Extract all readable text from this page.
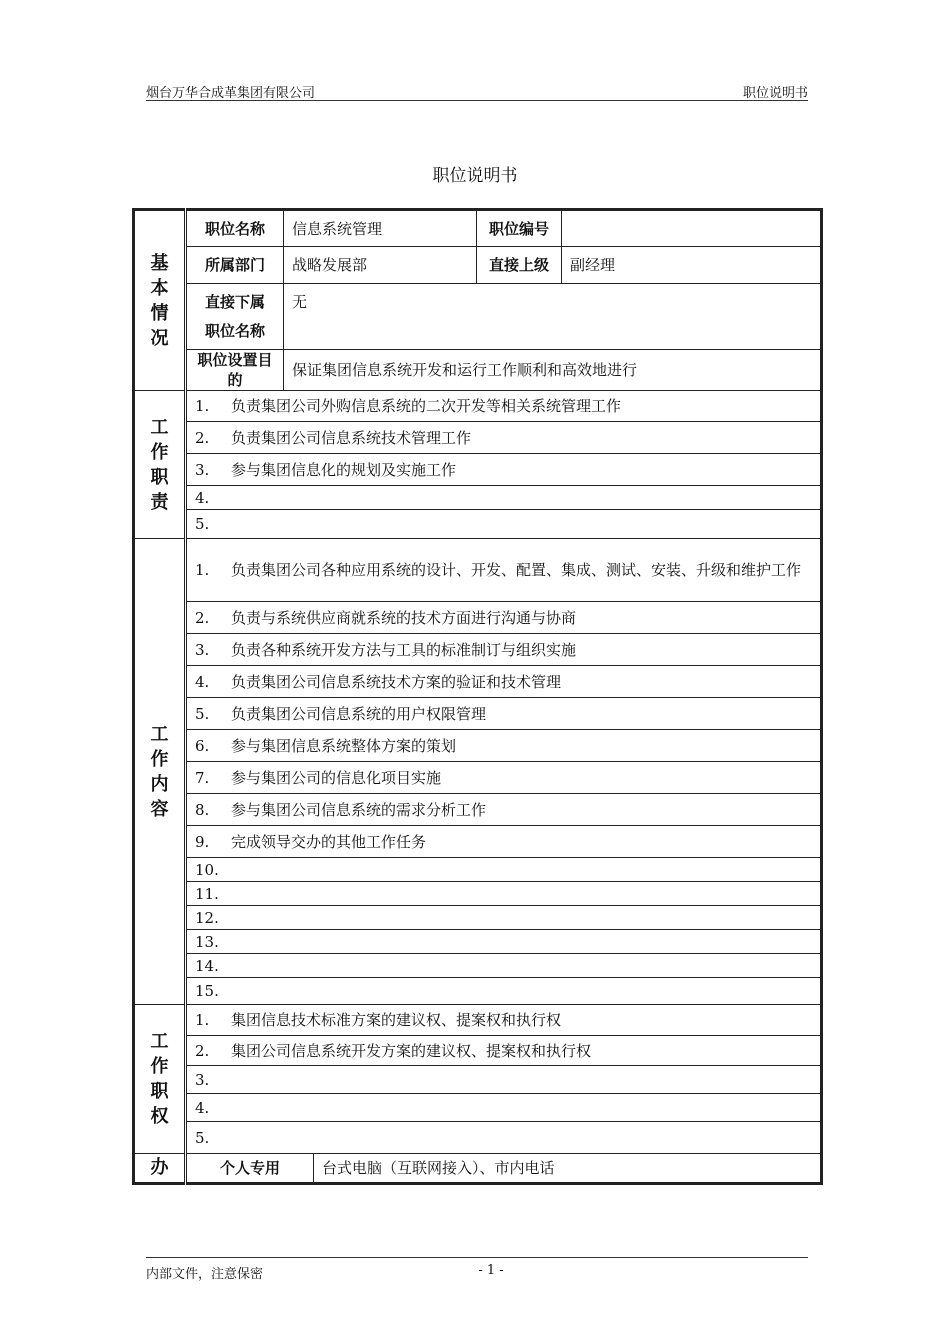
烟台万华合成革集团有限公司	职位说明书
职位说明书
基
本
情
况	职位名称	信息系统管理		职位编号	
	所属部门	战略发展部		直接上级	副经理
	直接下属
职位名称	无			
	职位设置目的	保证集团信息系统开发和运行工作顺利和高效地进行			

工
作
职
责	1. 负责集团公司外购信息系统的二次开发等相关系统管理工作				
	2. 负责集团公司信息系统技术管理工作				
	3. 参与集团信息化的规划及实施工作				
	4.				
	5.				

工
作
内
容	1. 负责集团公司各种应用系统的设计、开发、配置、集成、测试、安装、升级和维护工作				
	2. 负责与系统供应商就系统的技术方面进行沟通与协商				
	3. 负责各种系统开发方法与工具的标准制订与组织实施				
	4. 负责集团公司信息系统技术方案的验证和技术管理				
	5. 负责集团公司信息系统的用户权限管理				
	6. 参与集团信息系统整体方案的策划				
	7. 参与集团公司的信息化项目实施				
	8. 参与集团公司信息系统的需求分析工作				
	9. 完成领导交办的其他工作任务				
	10.				
	11.				
	12.				
	13.				
	14.				
	15.				

工
作
职
权	1. 集团信息技术标准方案的建议权、提案权和执行权				
	2. 集团公司信息系统开发方案的建议权、提案权和执行权				
	3.				
	4.				
	5.				
办	个人专用		台式电脑（互联网接入）、市内电话		
内部文件，注意保密	- 1 -
